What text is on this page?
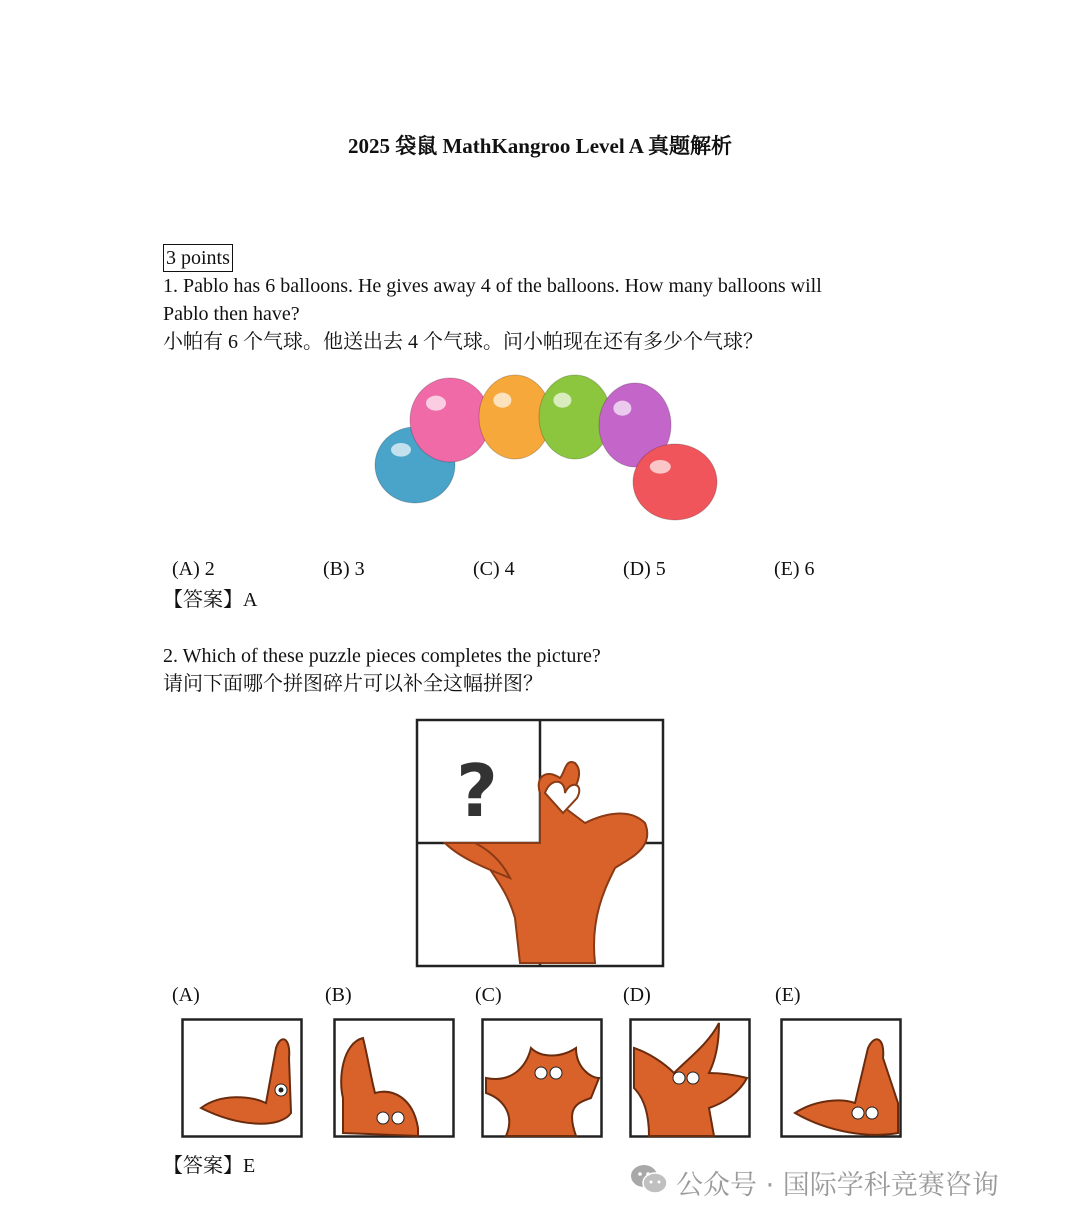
2025 袋鼠 MathKangroo Level A 真题解析
3 points
1. Pablo has 6 balloons. He gives away 4 of the balloons. How many balloons will
Pablo then have?
小帕有 6 个气球。他送出去 4 个气球。问小帕现在还有多少个气球？
(A) 2	(B) 3	(C) 4	(D) 5	(E) 6
【答案】A
2. Which of these puzzle pieces completes the picture?
请问下面哪个拼图碎片可以补全这幅拼图？
?
(A)	(B)	(C)	(D)	(E)
【答案】E
公众号 · 国际学科竞赛咨询
